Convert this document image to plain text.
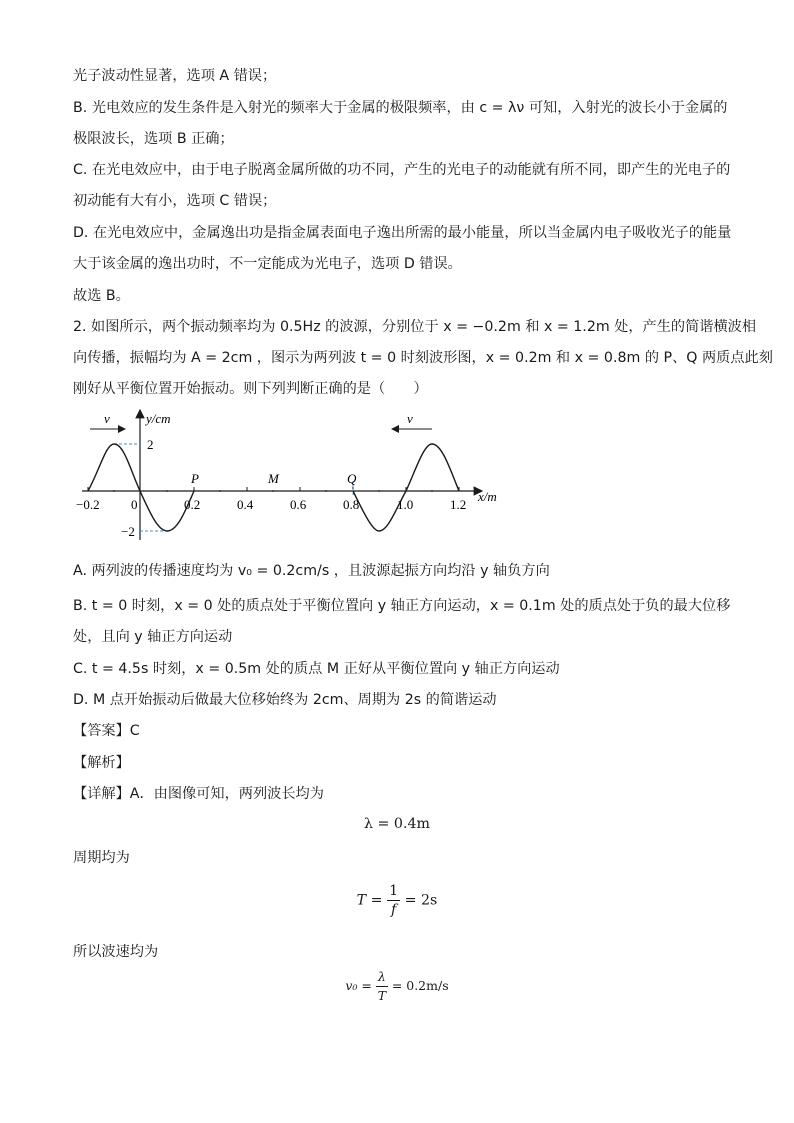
光子波动性显著，选项 A 错误；
B. 光电效应的发生条件是入射光的频率大于金属的极限频率，由 c = λν 可知，入射光的波长小于金属的
极限波长，选项 B 正确；
C. 在光电效应中，由于电子脱离金属所做的功不同，产生的光电子的动能就有所不同，即产生的光电子的
初动能有大有小，选项 C 错误；
D. 在光电效应中，金属逸出功是指金属表面电子逸出所需的最小能量，所以当金属内电子吸收光子的能量
大于该金属的逸出功时，不一定能成为光电子，选项 D 错误。
故选 B。
2. 如图所示，两个振动频率均为 0.5Hz 的波源，分别位于 x = −0.2m 和 x = 1.2m 处，产生的简谐横波相
向传播，振幅均为 A = 2cm ，图示为两列波 t = 0 时刻波形图，x = 0.2m 和 x = 0.8m 的 P、Q 两质点此刻
刚好从平衡位置开始振动。则下列判断正确的是（　　）
v	v
y/cm
x/m
2
−2
−0.2 0	0.2	0.4	0.6	0.8	1.0	1.2
P	M	Q
A. 两列波的传播速度均为 v₀ = 0.2cm/s ，且波源起振方向均沿 y 轴负方向
B. t = 0 时刻，x = 0 处的质点处于平衡位置向 y 轴正方向运动，x = 0.1m 处的质点处于负的最大位移
处，且向 y 轴正方向运动
C. t = 4.5s 时刻，x = 0.5m 处的质点 M 正好从平衡位置向 y 轴正方向运动
D. M 点开始振动后做最大位移始终为 2cm、周期为 2s 的简谐运动
【答案】C
【解析】
【详解】A．由图像可知，两列波长均为
λ = 0.4m
周期均为
$T = \frac{1}{f} = 2s$
所以波速均为
$v_0 = \frac{\lambda}{T} = 0.2m/s$
